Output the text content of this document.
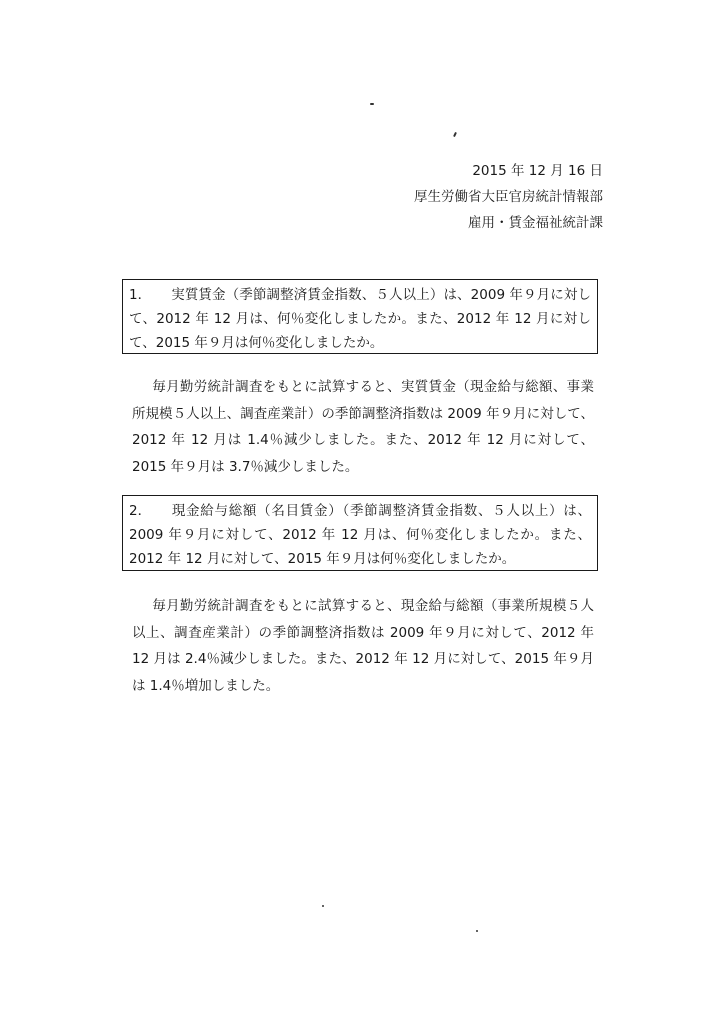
2015 年 12 月 16 日
厚生労働省大臣官房統計情報部
雇用・賃金福祉統計課
1． 実質賃金（季節調整済賃金指数、５人以上）は、2009 年９月に対して、2012 年 12 月は、何％変化しましたか。また、2012 年 12 月に対して、2015 年９月は何％変化しましたか。
毎月勤労統計調査をもとに試算すると、実質賃金（現金給与総額、事業所規模５人以上、調査産業計）の季節調整済指数は 2009 年９月に対して、2012 年 12 月は 1.4％減少しました。また、2012 年 12 月に対して、2015 年９月は 3.7％減少しました。
2． 現金給与総額（名目賃金）（季節調整済賃金指数、５人以上）は、2009 年９月に対して、2012 年 12 月は、何％変化しましたか。また、2012 年 12 月に対して、2015 年９月は何％変化しましたか。
毎月勤労統計調査をもとに試算すると、現金給与総額（事業所規模５人以上、調査産業計）の季節調整済指数は 2009 年９月に対して、2012 年 12 月は 2.4％減少しました。また、2012 年 12 月に対して、2015 年９月は 1.4％増加しました。
